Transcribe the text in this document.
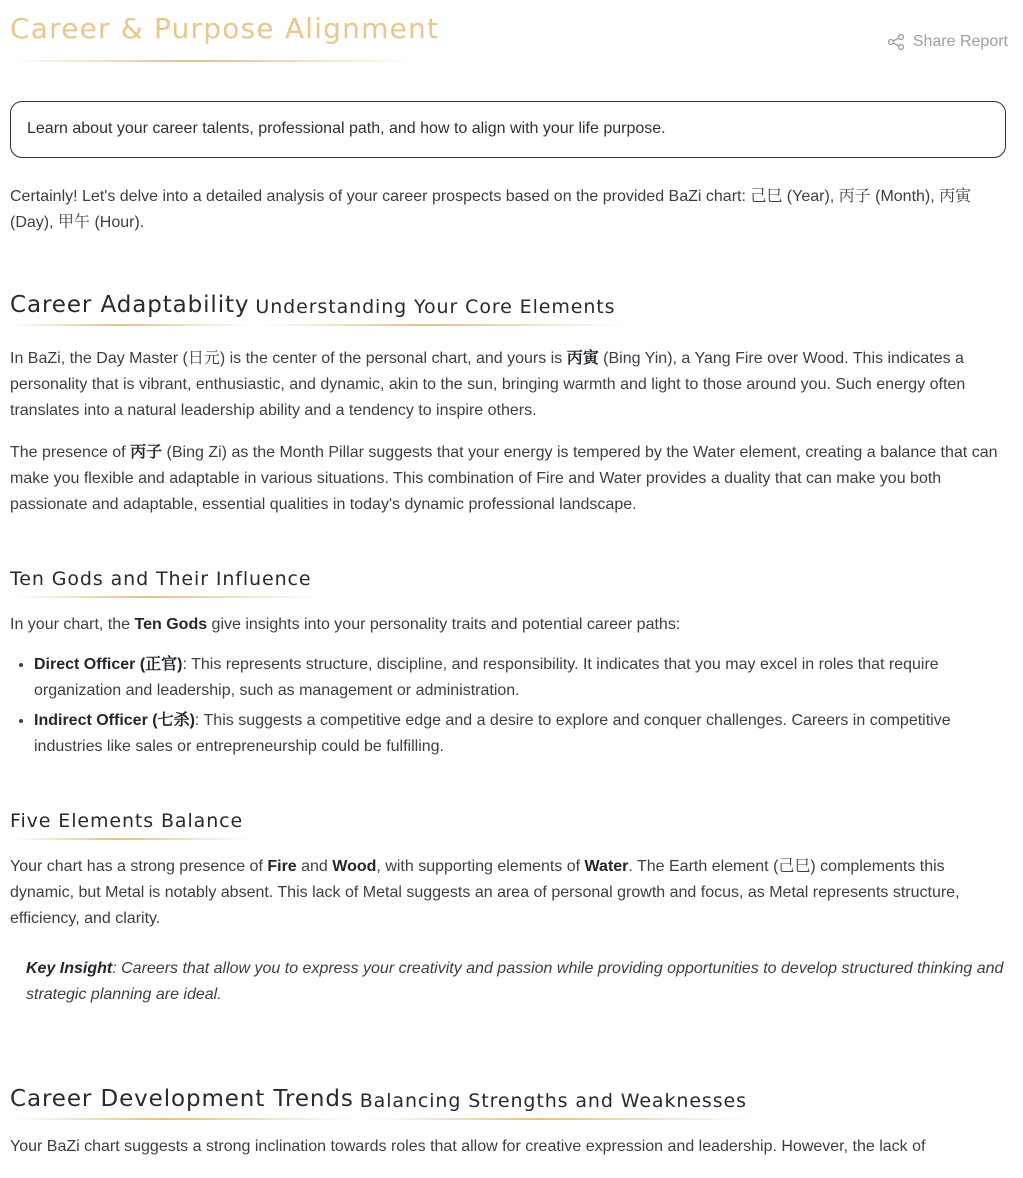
Career & Purpose Alignment	Share Report
Learn about your career talents, professional path, and how to align with your life purpose.

Certainly! Let's delve into a detailed analysis of your career prospects based on the provided BaZi chart: 己巳 (Year), 丙子 (Month), 丙寅 (Day), 甲午 (Hour).

Career Adaptability Understanding Your Core Elements

In BaZi, the Day Master (日元) is the center of the personal chart, and yours is 丙寅 (Bing Yin), a Yang Fire over Wood. This indicates a personality that is vibrant, enthusiastic, and dynamic, akin to the sun, bringing warmth and light to those around you. Such energy often translates into a natural leadership ability and a tendency to inspire others.

The presence of 丙子 (Bing Zi) as the Month Pillar suggests that your energy is tempered by the Water element, creating a balance that can make you flexible and adaptable in various situations. This combination of Fire and Water provides a duality that can make you both passionate and adaptable, essential qualities in today's dynamic professional landscape.

Ten Gods and Their Influence

In your chart, the Ten Gods give insights into your personality traits and potential career paths:

• Direct Officer (正官): This represents structure, discipline, and responsibility. It indicates that you may excel in roles that require organization and leadership, such as management or administration.
• Indirect Officer (七杀): This suggests a competitive edge and a desire to explore and conquer challenges. Careers in competitive industries like sales or entrepreneurship could be fulfilling.
Five Elements Balance

Your chart has a strong presence of Fire and Wood, with supporting elements of Water. The Earth element (己巳) complements this dynamic, but Metal is notably absent. This lack of Metal suggests an area of personal growth and focus, as Metal represents structure, efficiency, and clarity.

Key Insight: Careers that allow you to express your creativity and passion while providing opportunities to develop structured thinking and strategic planning are ideal.

Career Development Trends Balancing Strengths and Weaknesses

Your BaZi chart suggests a strong inclination towards roles that allow for creative expression and leadership. However, the lack of
